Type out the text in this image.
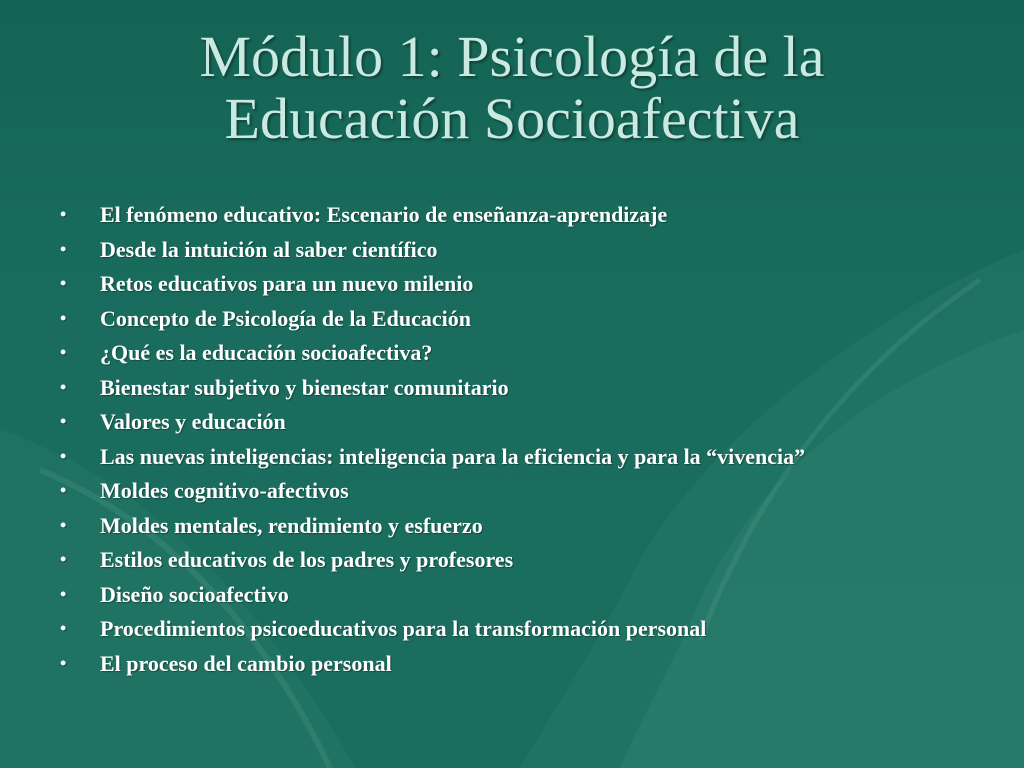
Módulo 1: Psicología de la
Educación Socioafectiva
• El fenómeno educativo: Escenario de enseñanza-aprendizaje
• Desde la intuición al saber científico
• Retos educativos para un nuevo milenio
• Concepto de Psicología de la Educación
• ¿Qué es la educación socioafectiva?
• Bienestar subjetivo y bienestar comunitario
• Valores y educación
• Las nuevas inteligencias: inteligencia para la eficiencia y para la “vivencia”
• Moldes cognitivo-afectivos
• Moldes mentales, rendimiento y esfuerzo
• Estilos educativos de los padres y profesores
• Diseño socioafectivo
• Procedimientos psicoeducativos para la transformación personal
• El proceso del cambio personal
